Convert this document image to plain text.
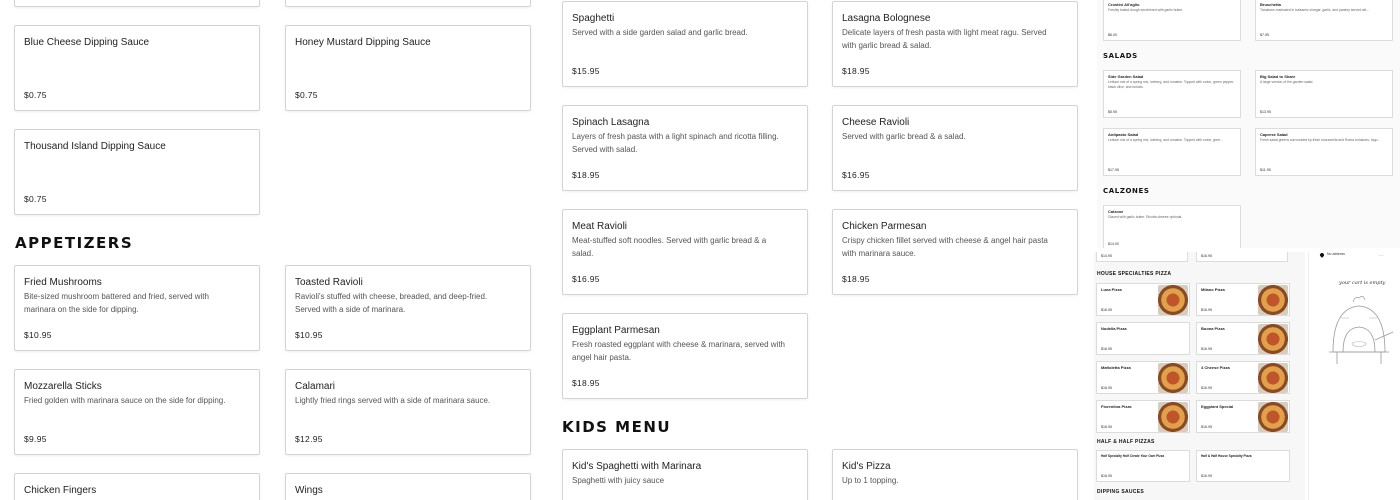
Blue Cheese Dipping Sauce
$0.75
Honey Mustard Dipping Sauce
$0.75
Thousand Island Dipping Sauce
$0.75
APPETIZERS
Fried Mushrooms
Bite-sized mushroom battered and fried, served with marinara on the side for dipping.
$10.95
Toasted Ravioli
Ravioli's stuffed with cheese, breaded, and deep-fried. Served with a side of marinara.
$10.95
Mozzarella Sticks
Fried golden with marinara sauce on the side for dipping.
$9.95
Calamari
Lightly fried rings served with a side of marinara sauce.
$12.95
Chicken Fingers	Wings
Spaghetti
Served with a side garden salad and garlic bread.
$15.95
Lasagna Bolognese
Delicate layers of fresh pasta with light meat ragu. Served with garlic bread & salad.
$18.95
Spinach Lasagna
Layers of fresh pasta with a light spinach and ricotta filling. Served with salad.
$18.95
Cheese Ravioli
Served with garlic bread & a salad.
$16.95
Meat Ravioli
Meat-stuffed soft noodles. Served with garlic bread & a salad.
$16.95
Chicken Parmesan
Crispy chicken fillet served with cheese & angel hair pasta with marinara sauce.
$18.95
Eggplant Parmesan
Fresh roasted eggplant with cheese & marinara, served with angel hair pasta.
$18.95
KIDS MENU
Kid's Spaghetti with Marinara
Spaghetti with juicy sauce
Kid's Pizza
Up to 1 topping.
Crostini All'aglio
Freshly baked dough smothered with garlic butter.
$6.00
Bruschetta
Tomatoes marinated in balsamic vinegar, garlic, and parsley served wit...
$7.95
SALADS
Side Garden Salad
Lettuce mix of a spring mix, iceberg, and romaine. Topped with onion, green pepper, black olive, and tomato.
$5.95
Big Salad to Share
A large version of the garden salad.
$13.95
Antipasto Salad
Lettuce mix of a spring mix, iceberg, and romaine. Topped with onion, gree...
$17.95
Caprese Salad
Fresh salad greens surrounded by fresh mozzarella and Roma tomatoes, topp...
$11.95
CALZONES
Calzone
Glazed with garlic butter. Ricotta cheese optional.
$14.00
$14.95	$16.95
HOUSE SPECIALTIES PIZZA
Luna Pizza
$16.95
Milano Pizza
$16.95
Nodella Pizza
$16.95
Buona Pizza
$16.95
Mafioletta Pizza
$16.95
4 Cheese Pizza
$16.95
Fiorentina Pizza
$16.95
Eggplant Special
$16.95
HALF & HALF PIZZAS
Half Specialty Half Create Your Own Pizza
$16.95
Half & Half House Specialty Pizza
$16.95
DIPPING SAUCES
No address	···
your cart is empty
